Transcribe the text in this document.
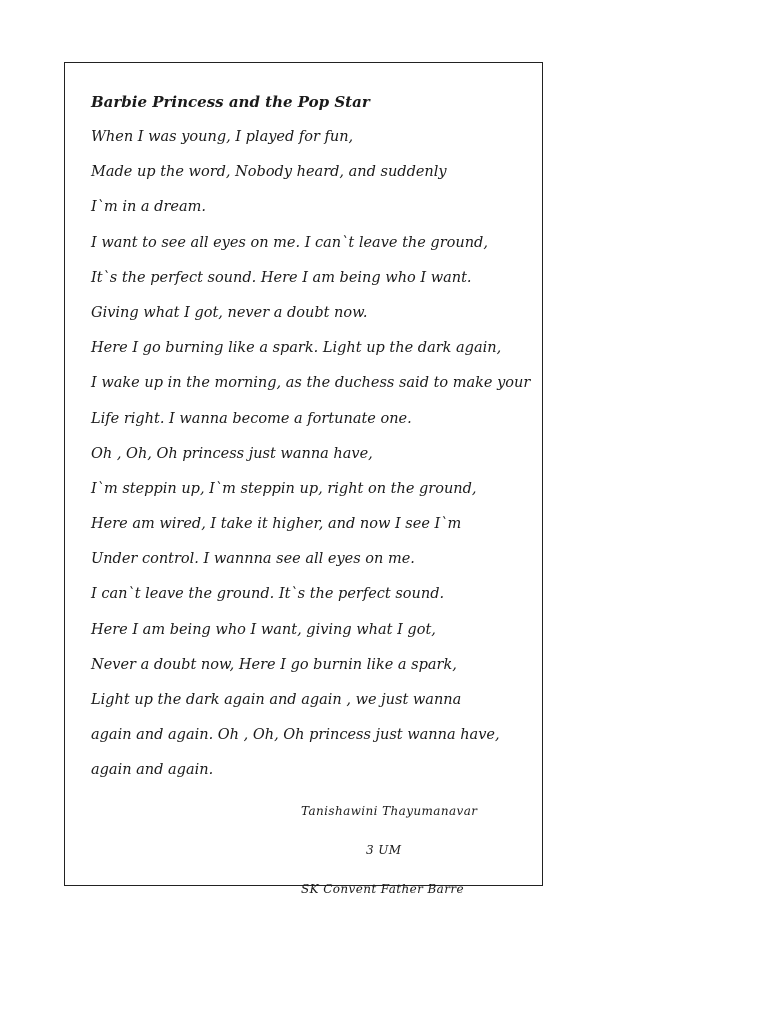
Barbie Princess and the Pop Star
When I was young, I played for fun,
Made up the word, Nobody heard, and suddenly
I`m in a dream.
I want to see all eyes on me. I can`t leave the ground,
It`s the perfect sound. Here I am being who I want.
Giving what I got, never a doubt now.
Here I go burning like a spark. Light up the dark again,
I wake up in the morning, as the duchess said to make your
Life right. I wanna become a fortunate one.
Oh , Oh, Oh princess just wanna have,
I`m steppin up, I`m steppin up, right on the ground,
Here am wired, I take it higher, and now I see I`m
Under control. I wannna see all eyes on me.
I can`t leave the ground. It`s the perfect sound.
Here I am being who I want, giving what I got,
Never a doubt now, Here I go burnin like a spark,
Light up the dark again and again , we just wanna
again and again. Oh , Oh, Oh princess just wanna have,
again and again.
Tanishawini Thayumanavar
3 UM
SK Convent Father Barre
